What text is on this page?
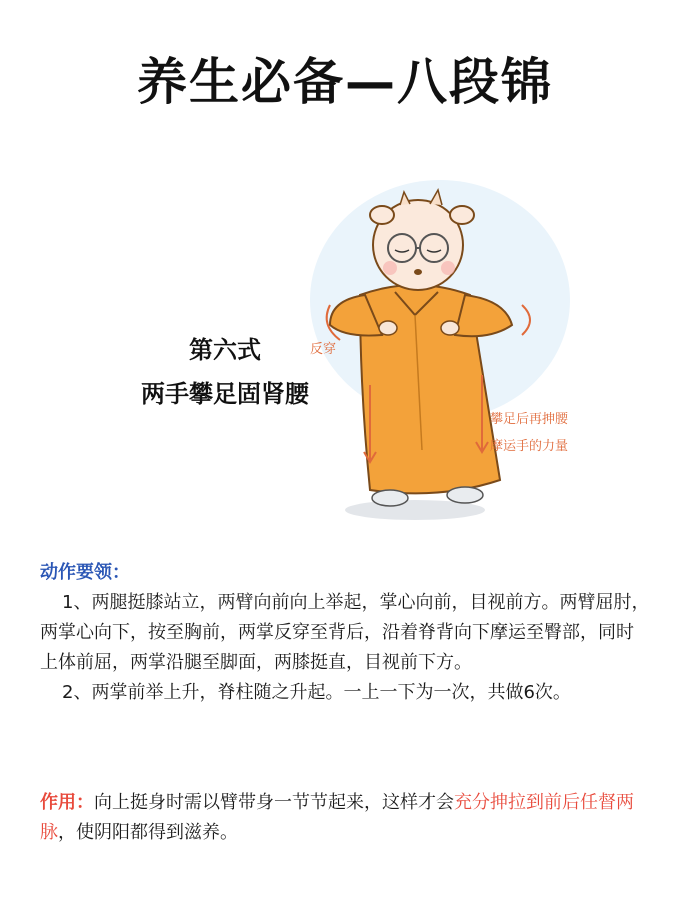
养生必备—八段锦
第六式
两手攀足固肾腰
反穿
攀足后再抻腰
摩运手的力量
动作要领：
1、两腿挺膝站立，两臂向前向上举起，掌心向前，目视前方。两臂屈肘，两掌心向下，按至胸前，两掌反穿至背后，沿着脊背向下摩运至臀部，同时上体前屈，两掌沿腿至脚面，两膝挺直，目视前下方。
2、两掌前举上升，脊柱随之升起。一上一下为一次，共做6次。
作用：向上挺身时需以臂带身一节节起来，这样才会充分抻拉到前后任督两脉，使阴阳都得到滋养。
